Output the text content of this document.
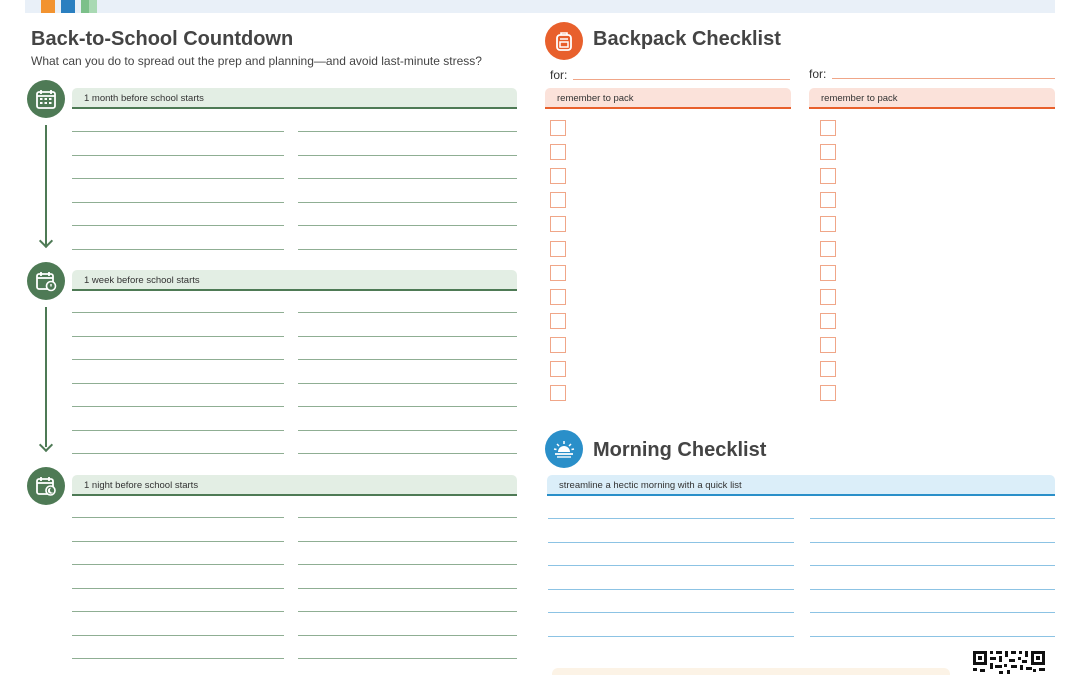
Back-to-School Countdown
What can you do to spread out the prep and planning—and avoid last-minute stress?
1 month before school starts
1 week before school starts
1 night before school starts
Backpack Checklist
for:	for:
remember to pack	remember to pack
Morning Checklist
streamline a hectic morning with a quick list
